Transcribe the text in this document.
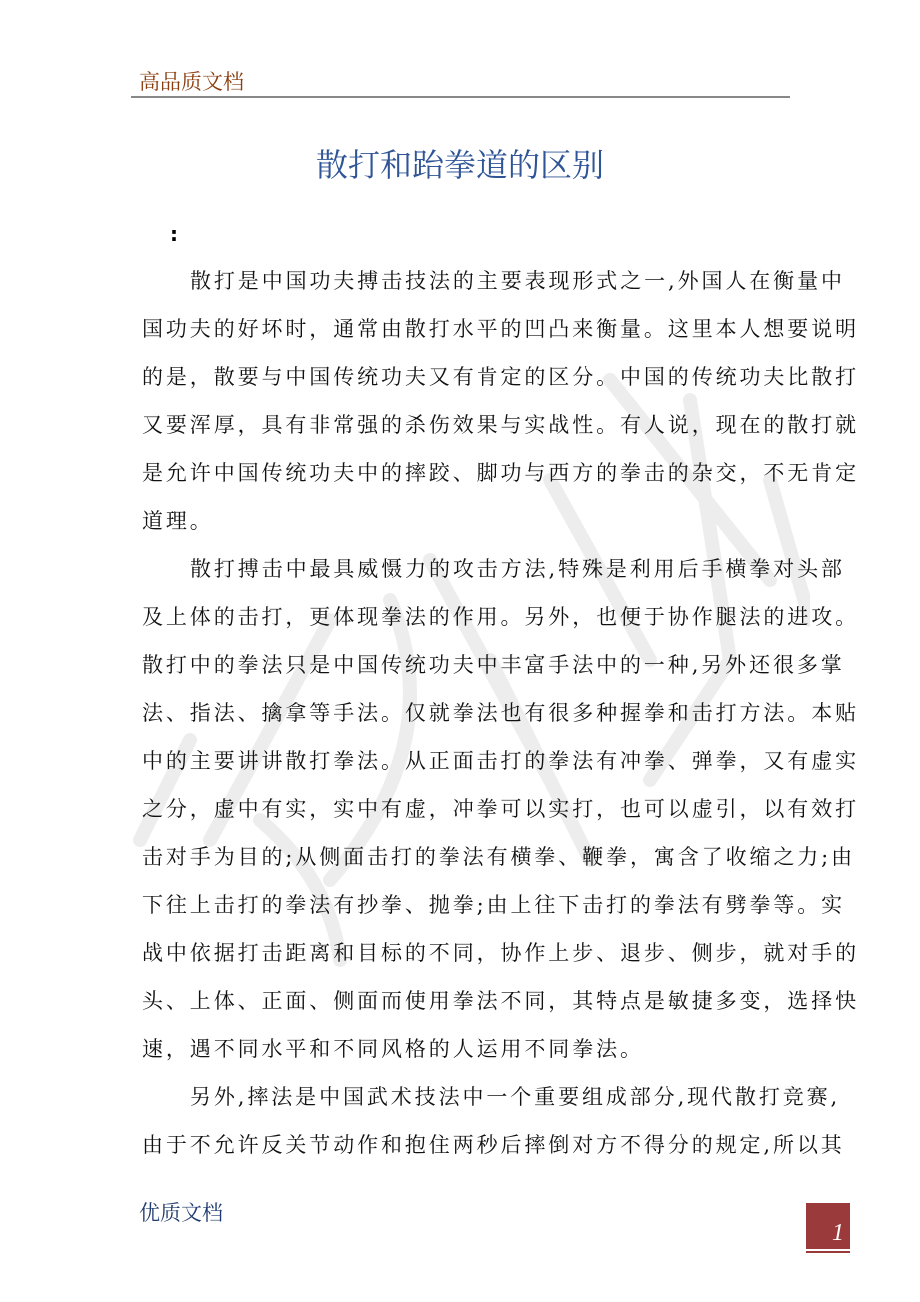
高品质文档
散打和跆拳道的区别
:
散打是中国功夫搏击技法的主要表现形式之一,外国人在衡量中
国功夫的好坏时，通常由散打水平的凹凸来衡量。这里本人想要说明
的是，散要与中国传统功夫又有肯定的区分。中国的传统功夫比散打
又要浑厚，具有非常强的杀伤效果与实战性。有人说，现在的散打就
是允许中国传统功夫中的摔跤、脚功与西方的拳击的杂交，不无肯定
道理。
散打搏击中最具威慑力的攻击方法,特殊是利用后手横拳对头部
及上体的击打，更体现拳法的作用。另外，也便于协作腿法的进攻。
散打中的拳法只是中国传统功夫中丰富手法中的一种,另外还很多掌
法、指法、擒拿等手法。仅就拳法也有很多种握拳和击打方法。本贴
中的主要讲讲散打拳法。从正面击打的拳法有冲拳、弹拳，又有虚实
之分，虚中有实，实中有虚，冲拳可以实打，也可以虚引，以有效打
击对手为目的;从侧面击打的拳法有横拳、鞭拳，寓含了收缩之力;由
下往上击打的拳法有抄拳、抛拳;由上往下击打的拳法有劈拳等。实
战中依据打击距离和目标的不同，协作上步、退步、侧步，就对手的
头、上体、正面、侧面而使用拳法不同，其特点是敏捷多变，选择快
速，遇不同水平和不同风格的人运用不同拳法。
另外,摔法是中国武术技法中一个重要组成部分,现代散打竞赛,
由于不允许反关节动作和抱住两秒后摔倒对方不得分的规定,所以其
优质文档
1
